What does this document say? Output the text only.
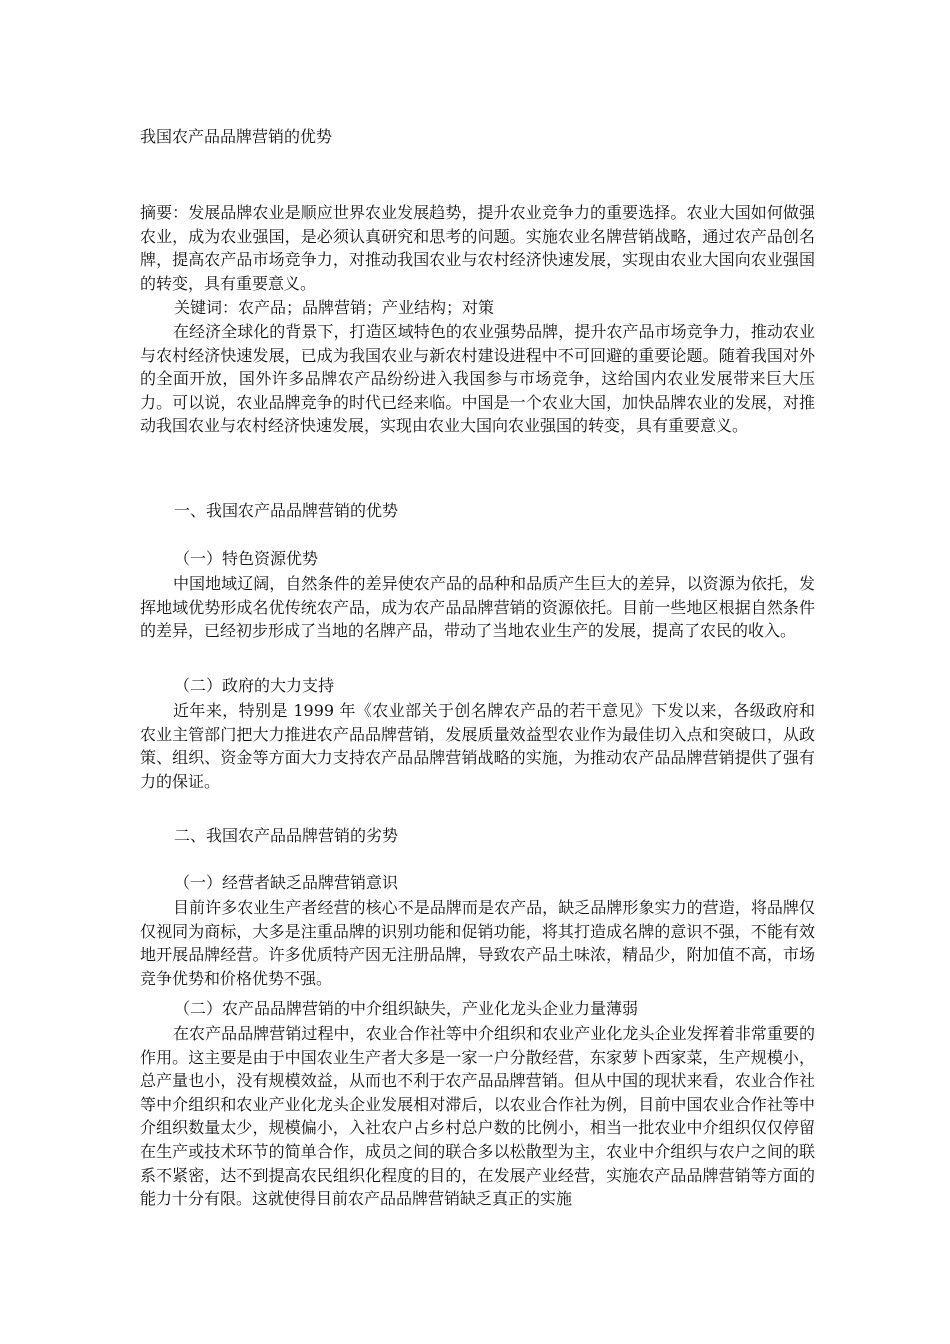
我国农产品品牌营销的优势

摘要：发展品牌农业是顺应世界农业发展趋势，提升农业竞争力的重要选择。农业大国如何做强农业，成为农业强国，是必须认真研究和思考的问题。实施农业名牌营销战略，通过农产品创名牌，提高农产品市场竞争力，对推动我国农业与农村经济快速发展，实现由农业大国向农业强国的转变，具有重要意义。

关键词：农产品；品牌营销；产业结构；对策

在经济全球化的背景下，打造区域特色的农业强势品牌，提升农产品市场竞争力，推动农业与农村经济快速发展，已成为我国农业与新农村建设进程中不可回避的重要论题。随着我国对外的全面开放，国外许多品牌农产品纷纷进入我国参与市场竞争，这给国内农业发展带来巨大压力。可以说，农业品牌竞争的时代已经来临。中国是一个农业大国，加快品牌农业的发展，对推动我国农业与农村经济快速发展，实现由农业大国向农业强国的转变，具有重要意义。

一、我国农产品品牌营销的优势

（一）特色资源优势

中国地域辽阔，自然条件的差异使农产品的品种和品质产生巨大的差异，以资源为依托，发挥地域优势形成名优传统农产品，成为农产品品牌营销的资源依托。目前一些地区根据自然条件的差异，已经初步形成了当地的名牌产品，带动了当地农业生产的发展，提高了农民的收入。

（二）政府的大力支持

近年来，特别是 1999 年《农业部关于创名牌农产品的若干意见》下发以来，各级政府和农业主管部门把大力推进农产品品牌营销，发展质量效益型农业作为最佳切入点和突破口，从政策、组织、资金等方面大力支持农产品品牌营销战略的实施，为推动农产品品牌营销提供了强有力的保证。

二、我国农产品品牌营销的劣势

（一）经营者缺乏品牌营销意识

目前许多农业生产者经营的核心不是品牌而是农产品，缺乏品牌形象实力的营造，将品牌仅仅视同为商标，大多是注重品牌的识别功能和促销功能，将其打造成名牌的意识不强，不能有效地开展品牌经营。许多优质特产因无注册品牌，导致农产品土味浓，精品少，附加值不高，市场竞争优势和价格优势不强。

（二）农产品品牌营销的中介组织缺失，产业化龙头企业力量薄弱

在农产品品牌营销过程中，农业合作社等中介组织和农业产业化龙头企业发挥着非常重要的作用。这主要是由于中国农业生产者大多是一家一户分散经营，东家萝卜西家菜，生产规模小，总产量也小，没有规模效益，从而也不利于农产品品牌营销。但从中国的现状来看，农业合作社等中介组织和农业产业化龙头企业发展相对滞后，以农业合作社为例，目前中国农业合作社等中介组织数量太少，规模偏小，入社农户占乡村总户数的比例小，相当一批农业中介组织仅仅停留在生产或技术环节的简单合作，成员之间的联合多以松散型为主，农业中介组织与农户之间的联系不紧密，达不到提高农民组织化程度的目的，在发展产业经营，实施农产品品牌营销等方面的能力十分有限。这就使得目前农产品品牌营销缺乏真正的实施
